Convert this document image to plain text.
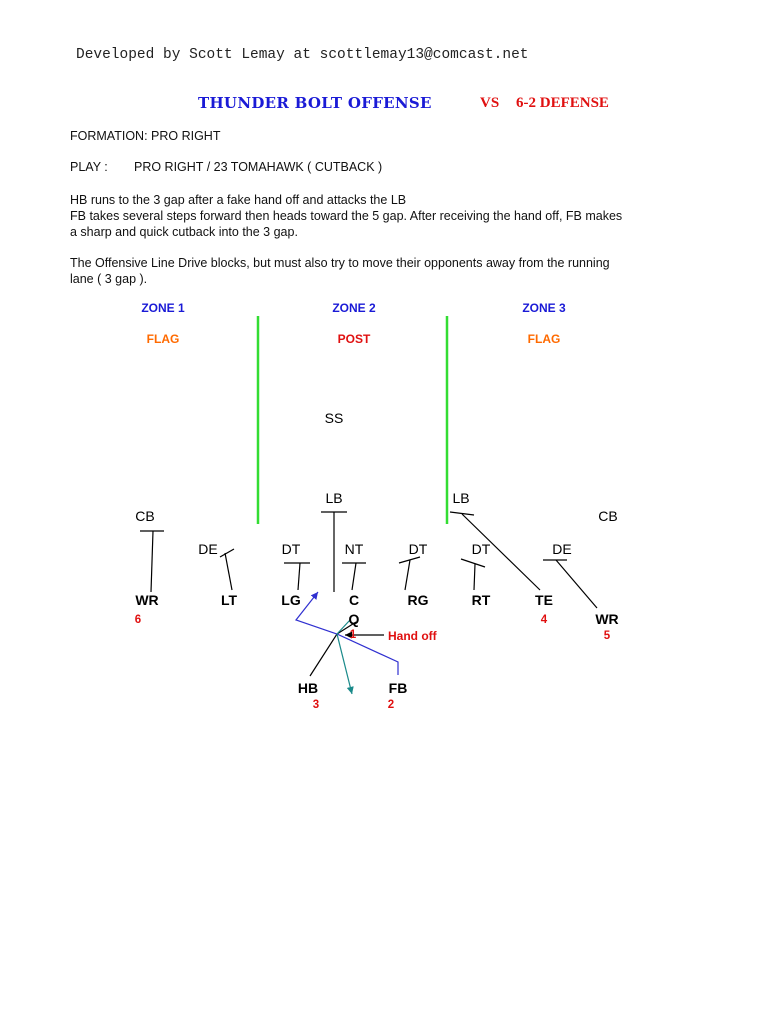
Developed by Scott Lemay at scottlemay13@comcast.net
THUNDER BOLT OFFENSE	VS 6-2 DEFENSE
FORMATION: PRO RIGHT
PLAY : PRO RIGHT / 23 TOMAHAWK ( CUTBACK )

HB runs to the 3 gap after a fake hand off and attacks the LB

FB takes several steps forward then heads toward the 5 gap. After receiving the hand off, FB makes a sharp and quick cutback into the 3 gap.

The Offensive Line Drive blocks, but must also try to move their opponents away from the running lane ( 3 gap ).
ZONE 1	ZONE 2	ZONE 3
FLAG	POST	FLAG
SS
LB	LB
CB	CB
DE	DT	NT	DT	DT	DE
WR	LT	LG	C
Q
RG	RT	TE
WR
HB	FB
6	4
5
3	2
1	Hand off
